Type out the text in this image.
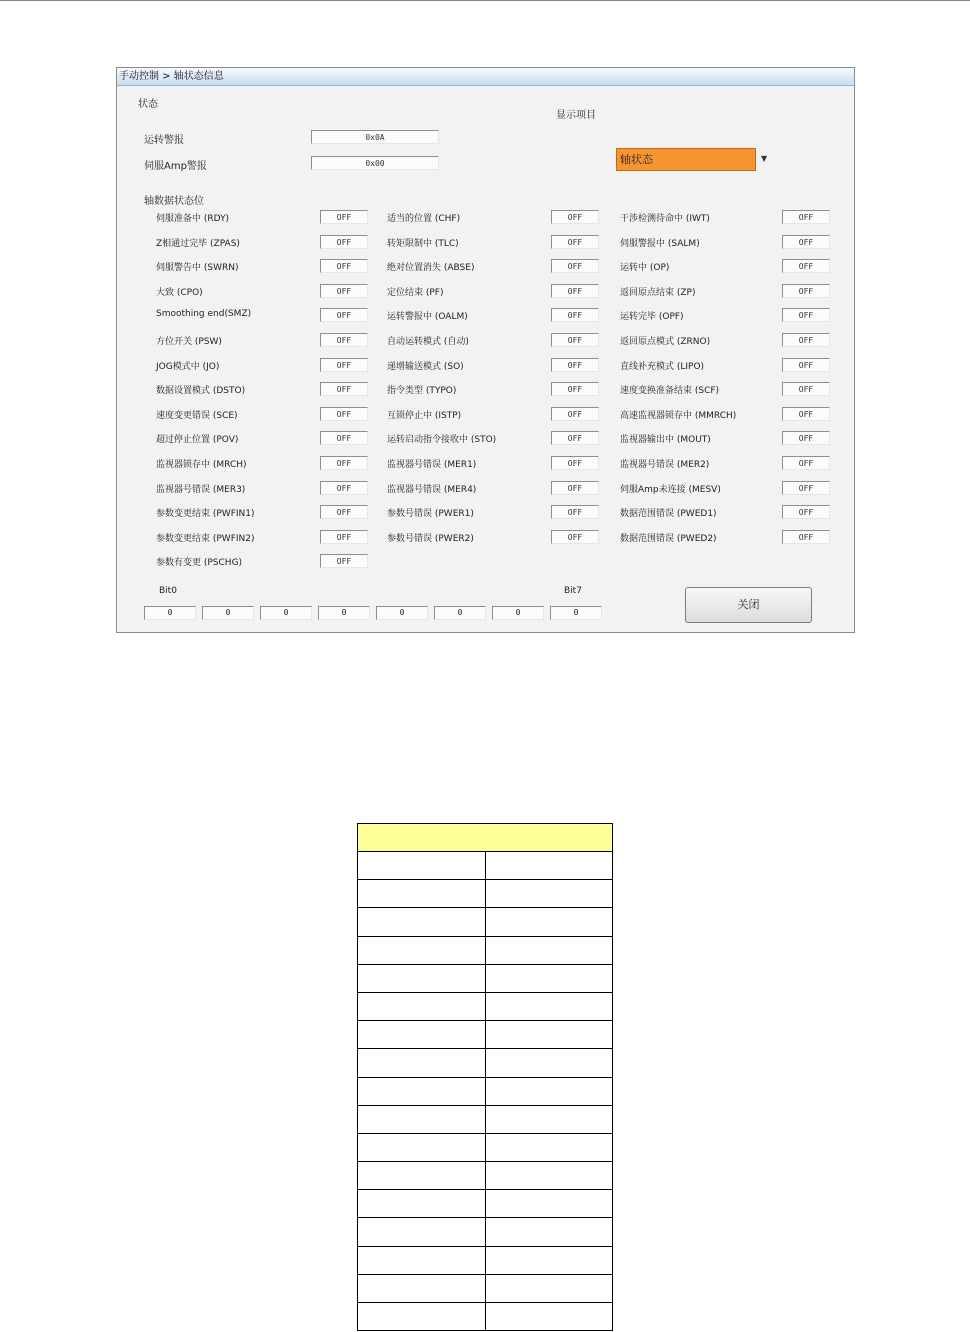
手动控制 > 轴状态信息
状态
显示项目
运转警报	0x0A
伺服Amp警报	0x00	轴状态	▼
轴数据状态位
伺服准备中 (RDY)	OFF	适当的位置 (CHF)	OFF	干涉检测待命中 (IWT)	OFF
Z相通过完毕 (ZPAS)	OFF	转矩限制中 (TLC)	OFF	伺服警报中 (SALM)	OFF
伺服警告中 (SWRN)	OFF	绝对位置消失 (ABSE)	OFF	运转中 (OP)	OFF
大致 (CPO)	OFF	定位结束 (PF)	OFF	返回原点结束 (ZP)	OFF
Smoothing end(SMZ)	OFF	运转警报中 (OALM)	OFF	运转完毕 (OPF)	OFF
方位开关 (PSW)	OFF	自动运转模式 (自动)	OFF	返回原点模式 (ZRNO)	OFF
JOG模式中 (JO)	OFF	递增输送模式 (SO)	OFF	直线补充模式 (LIPO)	OFF
数据设置模式 (DSTO)	OFF	指令类型 (TYPO)	OFF	速度变换准备结束 (SCF)	OFF
速度变更错误 (SCE)	OFF	互锁停止中 (ISTP)	OFF	高速监视器锁存中 (MMRCH)	OFF
超过停止位置 (POV)	OFF	运转启动指令接收中 (STO)	OFF	监视器输出中 (MOUT)	OFF
监视器锁存中 (MRCH)	OFF	监视器号错误 (MER1)	OFF	监视器号错误 (MER2)	OFF
监视器号错误 (MER3)	OFF	监视器号错误 (MER4)	OFF	伺服Amp未连接 (MESV)	OFF
参数变更结束 (PWFIN1)	OFF	参数号错误 (PWER1)	OFF	数据范围错误 (PWED1)	OFF
参数变更结束 (PWFIN2)	OFF	参数号错误 (PWER2)	OFF	数据范围错误 (PWED2)	OFF
参数有变更 (PSCHG)	OFF
Bit0	Bit7
0	0	0	0	0	0	0	0
关闭
